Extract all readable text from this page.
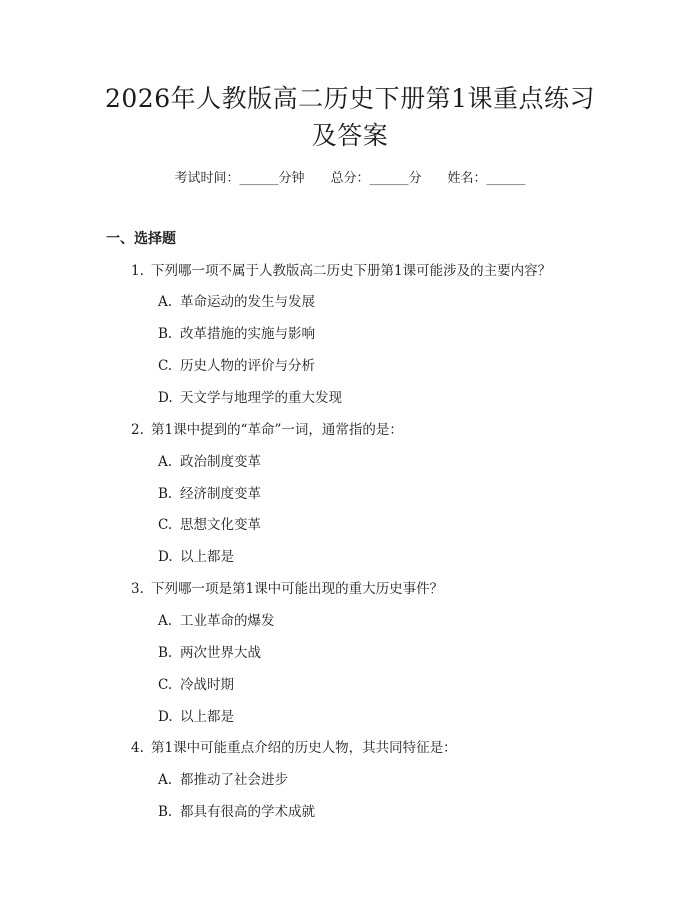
2026年人教版高二历史下册第1课重点练习
及答案
考试时间：______分钟 总分：______分 姓名：______
一、选择题
1. 下列哪一项不属于人教版高二历史下册第1课可能涉及的主要内容？
A. 革命运动的发生与发展
B. 改革措施的实施与影响
C. 历史人物的评价与分析
D. 天文学与地理学的重大发现
2. 第1课中提到的“革命”一词，通常指的是：
A. 政治制度变革
B. 经济制度变革
C. 思想文化变革
D. 以上都是
3. 下列哪一项是第1课中可能出现的重大历史事件？
A. 工业革命的爆发
B. 两次世界大战
C. 冷战时期
D. 以上都是
4. 第1课中可能重点介绍的历史人物，其共同特征是：
A. 都推动了社会进步
B. 都具有很高的学术成就
